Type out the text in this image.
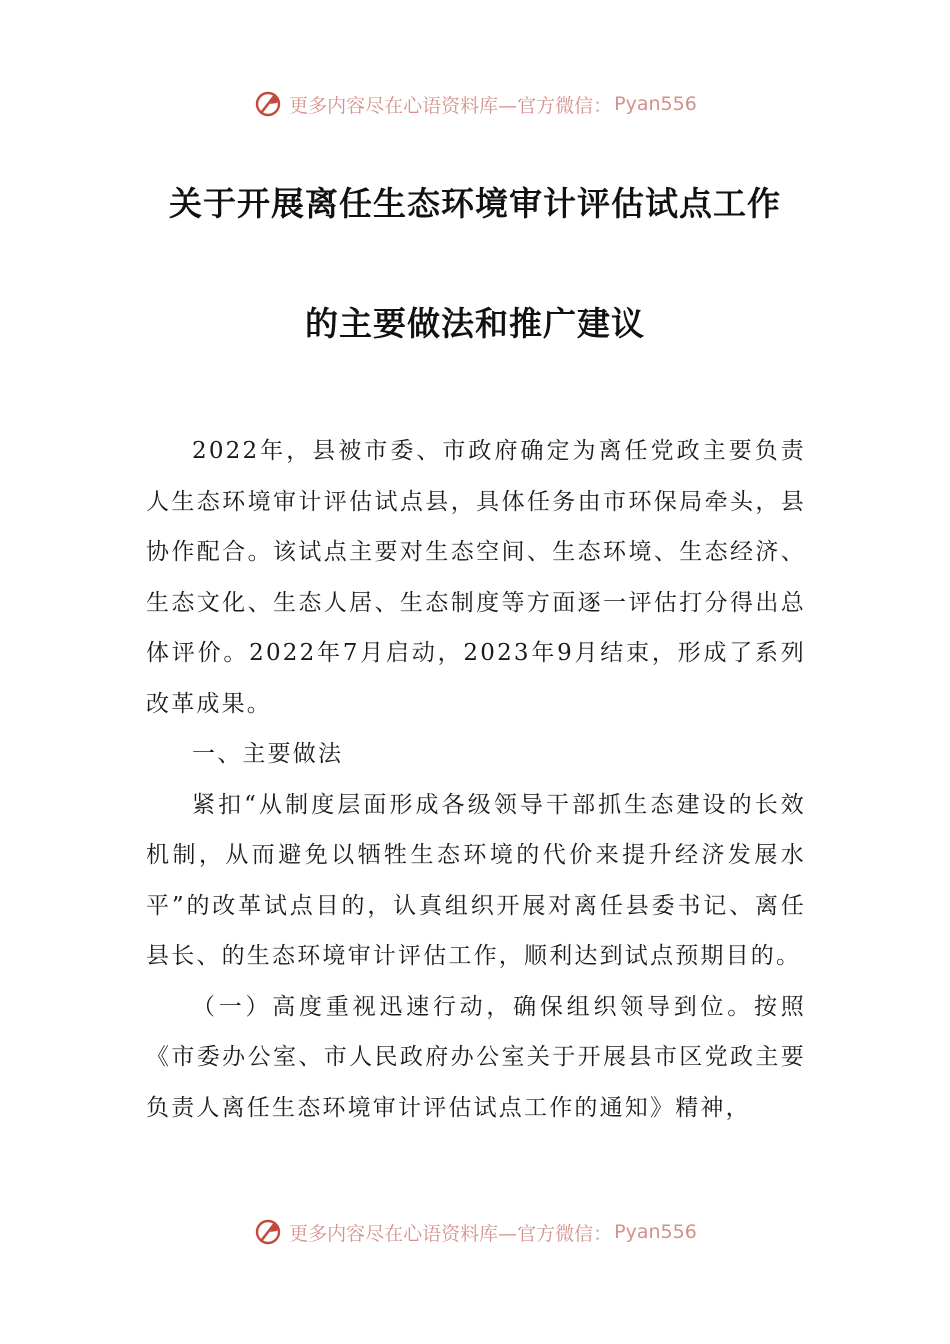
更多内容尽在心语资料库—官方微信： Pyan556
关于开展离任生态环境审计评估试点工作
的主要做法和推广建议

2022年，县被市委、市政府确定为离任党政主要负责人生态环境审计评估试点县，具体任务由市环保局牵头，县协作配合。该试点主要对生态空间、生态环境、生态经济、生态文化、生态人居、生态制度等方面逐一评估打分得出总体评价。2022年7月启动，2023年9月结束，形成了系列改革成果。

一、主要做法

紧扣“从制度层面形成各级领导干部抓生态建设的长效机制，从而避免以牺牲生态环境的代价来提升经济发展水平”的改革试点目的，认真组织开展对离任县委书记、离任县长、的生态环境审计评估工作，顺利达到试点预期目的。

（一）高度重视迅速行动，确保组织领导到位。按照《市委办公室、市人民政府办公室关于开展县市区党政主要负责人离任生态环境审计评估试点工作的通知》精神，

更多内容尽在心语资料库—官方微信： Pyan556
